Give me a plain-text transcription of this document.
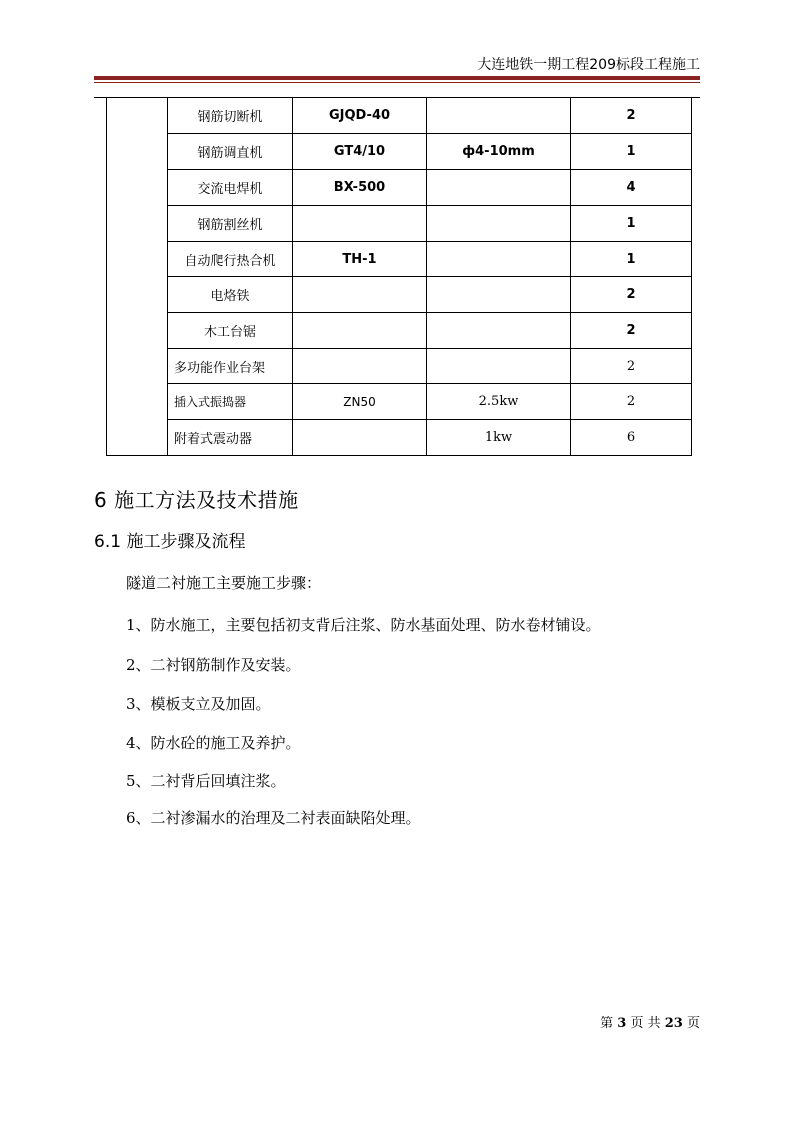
大连地铁一期工程209标段工程施工
	钢筋切断机	GJQD-40		2
	钢筋调直机	GT4/10	ф4-10mm	1
	交流电焊机	BX-500		4
	钢筋割丝机			1
	自动爬行热合机	TH-1		1
	电烙铁			2
	木工台锯			2
	多功能作业台架			2
	插入式振捣器	ZN50	2.5kw	2
	附着式震动器		1kw	6
6 施工方法及技术措施
6.1 施工步骤及流程
隧道二衬施工主要施工步骤：
1、防水施工，主要包括初支背后注浆、防水基面处理、防水卷材铺设。
2、二衬钢筋制作及安装。
3、模板支立及加固。
4、防水砼的施工及养护。
5、二衬背后回填注浆。
6、二衬渗漏水的治理及二衬表面缺陷处理。
第 3 页 共 23 页
